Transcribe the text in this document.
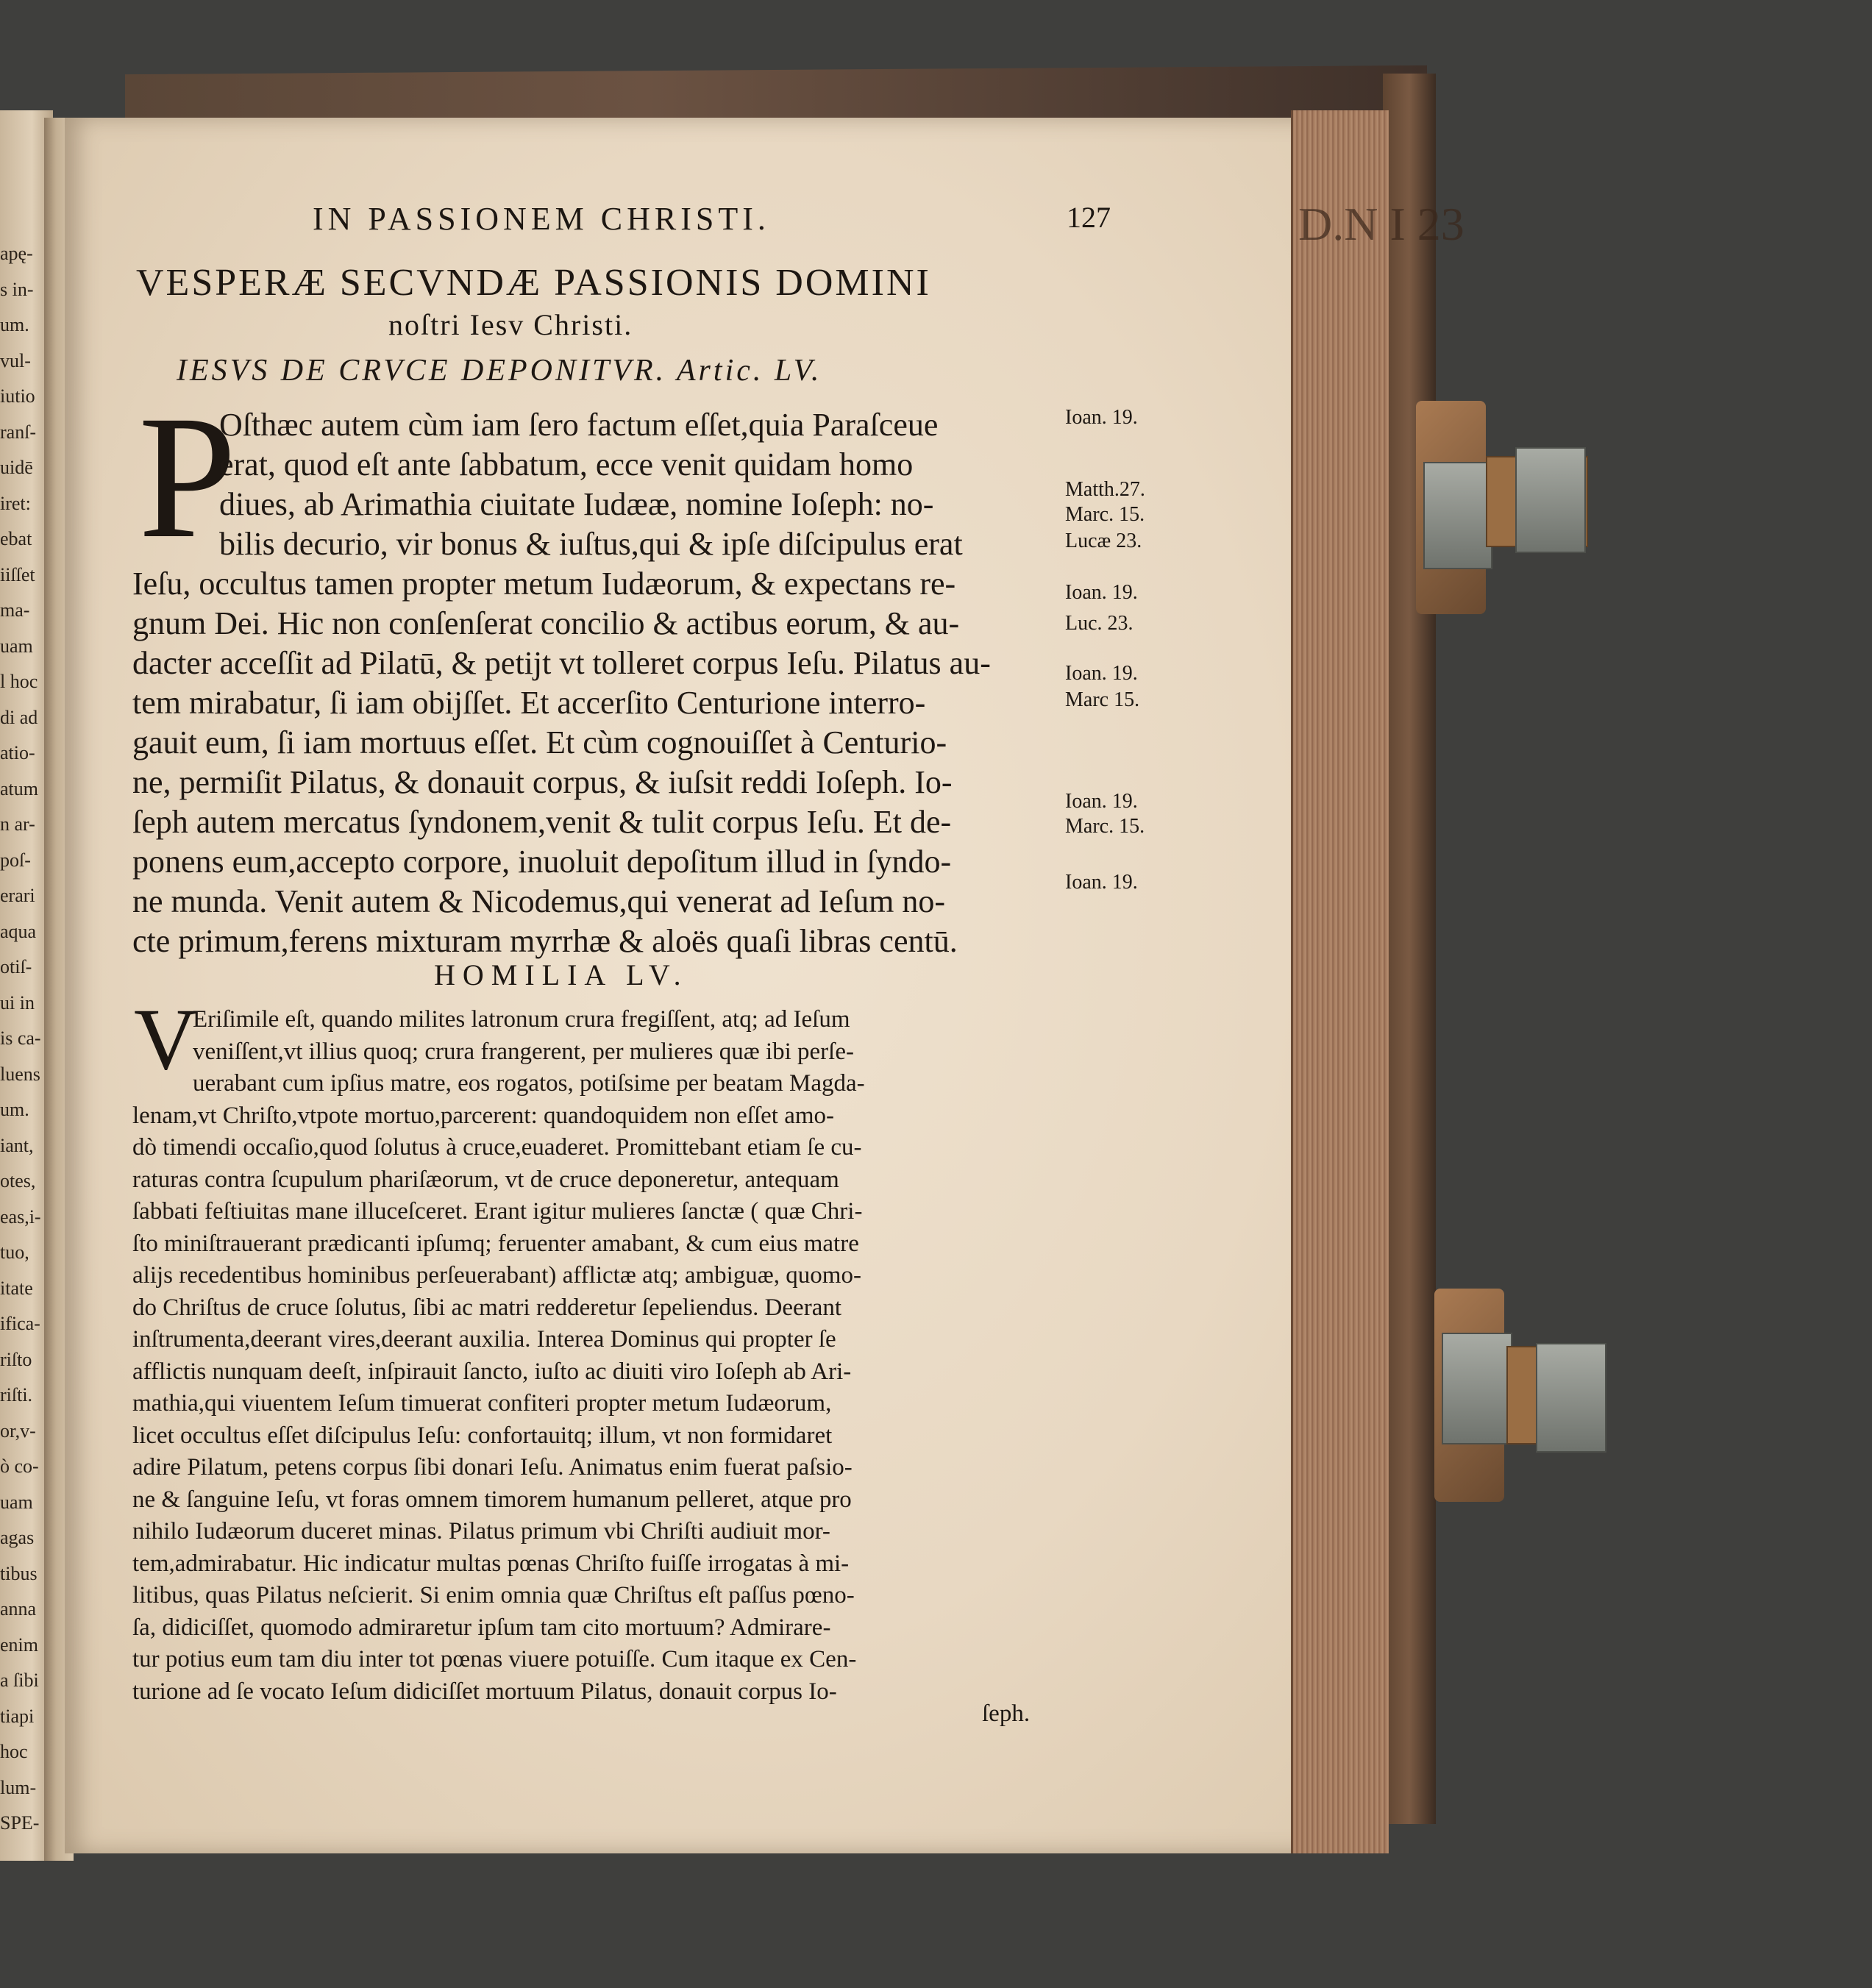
apę-
s in-
um.
vul-
iutio
ranſ-
uidē
iret:
ebat
iiſſet
ma-
uam
l hoc
di ad
atio-
atum
n ar-
poſ-
erari
aqua
otiſ-
ui in
is ca-
luens
um.
iant,
otes,
eas,i-
tuo,
itate
ifica-
riſto
riſti.
or,v-
ò co-
uam
agas
tibus
anna
enim
a ſibi
tiapi
hoc
lum-
SPE-
D.N I 23
IN PASSIONEM CHRISTI.	127
VESPERÆ SECVNDÆ PASSIONIS DOMINI
noſtri Iesv Christi.
IESVS DE CRVCE DEPONITVR. Artic. LV.
P
Oſthæc autem cùm iam ſero factum eſſet,quia Paraſceue
erat, quod eſt ante ſabbatum, ecce venit quidam homo
diues, ab Arimathia ciuitate Iudææ, nomine Ioſeph: no-
bilis decurio, vir bonus & iuſtus,qui & ipſe diſcipulus erat
Ieſu, occultus tamen propter metum Iudæorum, & expectans re-
gnum Dei. Hic non conſenſerat concilio & actibus eorum, & au-
dacter acceſſit ad Pilatū, & petijt vt tolleret corpus Ieſu. Pilatus au-
tem mirabatur, ſi iam obijſſet. Et accerſito Centurione interro-
gauit eum, ſi iam mortuus eſſet. Et cùm cognouiſſet à Centurio-
ne, permiſit Pilatus, & donauit corpus, & iuſsit reddi Ioſeph. Io-
ſeph autem mercatus ſyndonem,venit & tulit corpus Ieſu. Et de-
ponens eum,accepto corpore, inuoluit depoſitum illud in ſyndo-
ne munda. Venit autem & Nicodemus,qui venerat ad Ieſum no-
cte primum,ferens mixturam myrrhæ & aloës quaſi libras centū.
Ioan. 19.
Matth.27.
Marc. 15.
Lucæ 23.
Ioan. 19.
Luc. 23.
Ioan. 19.
Marc 15.
Ioan. 19.
Marc. 15.
Ioan. 19.
HOMILIA LV.
V
Eriſimile eſt, quando milites latronum crura fregiſſent, atq; ad Ieſum
veniſſent,vt illius quoq; crura frangerent, per mulieres quæ ibi perſe-
uerabant cum ipſius matre, eos rogatos, potiſsime per beatam Magda-
lenam,vt Chriſto,vtpote mortuo,parcerent: quandoquidem non eſſet amo-
dò timendi occaſio,quod ſolutus à cruce,euaderet. Promittebant etiam ſe cu-
raturas contra ſcupulum phariſæorum, vt de cruce deponeretur, antequam
ſabbati feſtiuitas mane illuceſceret. Erant igitur mulieres ſanctæ ( quæ Chri-
ſto miniſtrauerant prædicanti ipſumq; feruenter amabant, & cum eius matre
alijs recedentibus hominibus perſeuerabant) afflictæ atq; ambiguæ, quomo-
do Chriſtus de cruce ſolutus, ſibi ac matri redderetur ſepeliendus. Deerant
inſtrumenta,deerant vires,deerant auxilia. Interea Dominus qui propter ſe
afflictis nunquam deeſt, inſpirauit ſancto, iuſto ac diuiti viro Ioſeph ab Ari-
mathia,qui viuentem Ieſum timuerat confiteri propter metum Iudæorum,
licet occultus eſſet diſcipulus Ieſu: confortauitq; illum, vt non formidaret
adire Pilatum, petens corpus ſibi donari Ieſu. Animatus enim fuerat paſsio-
ne & ſanguine Ieſu, vt foras omnem timorem humanum pelleret, atque pro
nihilo Iudæorum duceret minas. Pilatus primum vbi Chriſti audiuit mor-
tem,admirabatur. Hic indicatur multas pœnas Chriſto fuiſſe irrogatas à mi-
litibus, quas Pilatus neſcierit. Si enim omnia quæ Chriſtus eſt paſſus pœno-
ſa, didiciſſet, quomodo admiraretur ipſum tam cito mortuum? Admirare-
tur potius eum tam diu inter tot pœnas viuere potuiſſe. Cum itaque ex Cen-
turione ad ſe vocato Ieſum didiciſſet mortuum Pilatus, donauit corpus Io-
ſeph.
